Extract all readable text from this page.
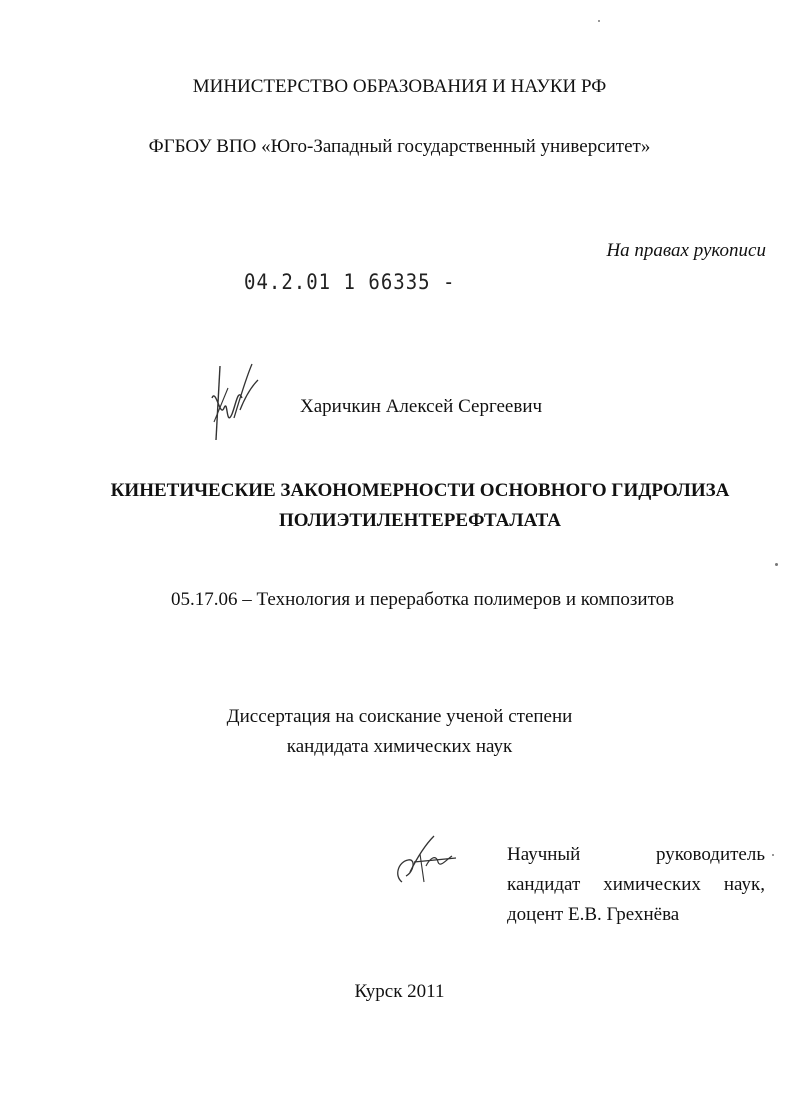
МИНИСТЕРСТВО ОБРАЗОВАНИЯ И НАУКИ РФ
ФГБОУ ВПО «Юго-Западный государственный университет»
На правах рукописи
04.2.01 1 66335 -
Харичкин Алексей Сергеевич
КИНЕТИЧЕСКИЕ ЗАКОНОМЕРНОСТИ ОСНОВНОГО ГИДРОЛИЗА
ПОЛИЭТИЛЕНТЕРЕФТАЛАТА
05.17.06 – Технология и переработка полимеров и композитов
Диссертация на соискание ученой степени
кандидата химических наук
Научный	руководитель
кандидат химических наук,
доцент Е.В. Грехнёва
Курск 2011
